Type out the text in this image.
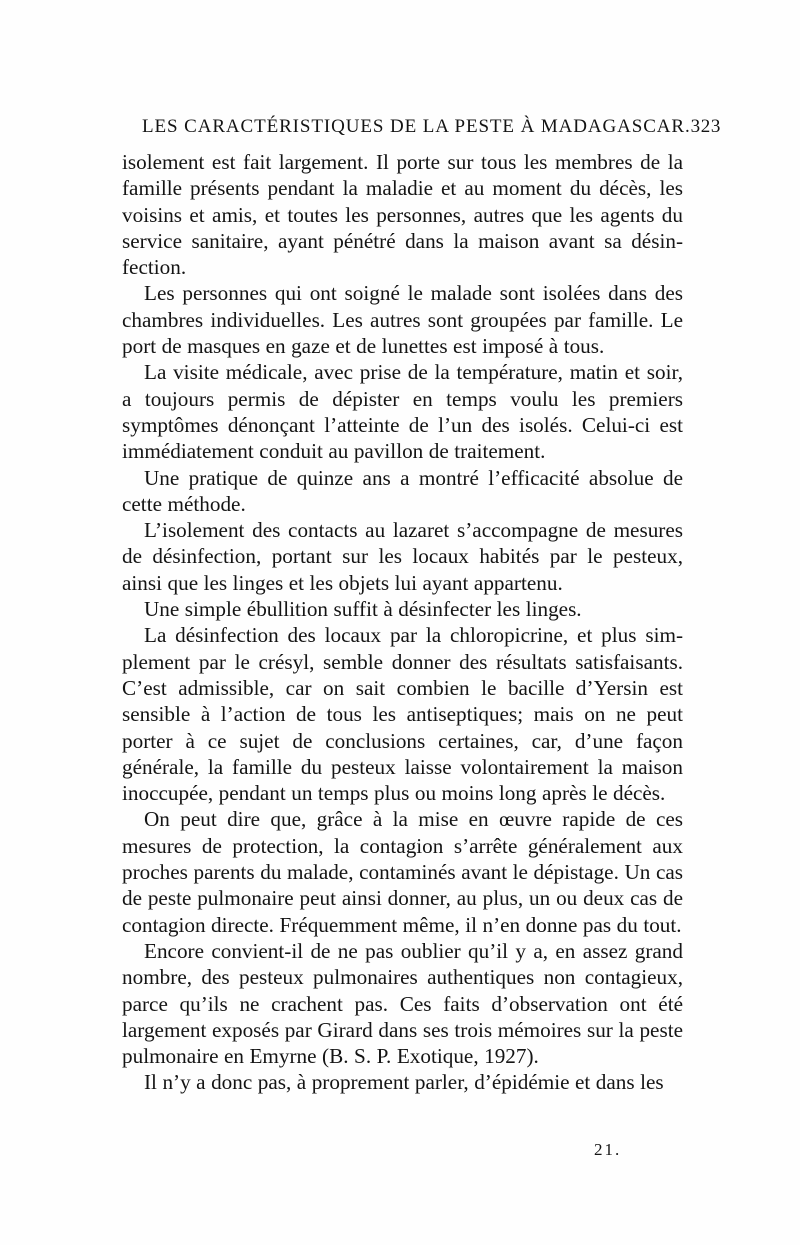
LES CARACTÉRISTIQUES DE LA PESTE À MADAGASCAR. 323

isolement est fait largement. Il porte sur tous les membres de la famille présents pendant la maladie et au moment du décès, les voisins et amis, et toutes les personnes, autres que les agents du service sanitaire, ayant pénétré dans la maison avant sa désinfection.

Les personnes qui ont soigné le malade sont isolées dans des chambres individuelles. Les autres sont groupées par famille. Le port de masques en gaze et de lunettes est imposé à tous.

La visite médicale, avec prise de la température, matin et soir, a toujours permis de dépister en temps voulu les premiers symptômes dénonçant l’atteinte de l’un des isolés. Celui-ci est immédiatement conduit au pavillon de traitement.

Une pratique de quinze ans a montré l’efficacité absolue de cette méthode.

L’isolement des contacts au lazaret s’accompagne de mesures de désinfection, portant sur les locaux habités par le pesteux, ainsi que les linges et les objets lui ayant appartenu.

Une simple ébullition suffit à désinfecter les linges.

La désinfection des locaux par la chloropicrine, et plus simplement par le crésyl, semble donner des résultats satisfaisants. C’est admissible, car on sait combien le bacille d’Yersin est sensible à l’action de tous les antiseptiques; mais on ne peut porter à ce sujet de conclusions certaines, car, d’une façon générale, la famille du pesteux laisse volontairement la maison inoccupée, pendant un temps plus ou moins long après le décès.

On peut dire que, grâce à la mise en œuvre rapide de ces mesures de protection, la contagion s’arrête généralement aux proches parents du malade, contaminés avant le dépistage. Un cas de peste pulmonaire peut ainsi donner, au plus, un ou deux cas de contagion directe. Fréquemment même, il n’en donne pas du tout.

Encore convient-il de ne pas oublier qu’il y a, en assez grand nombre, des pesteux pulmonaires authentiques non contagieux, parce qu’ils ne crachent pas. Ces faits d’observation ont été largement exposés par Girard dans ses trois mémoires sur la peste pulmonaire en Emyrne (B. S. P. Exotique, 1927).

Il n’y a donc pas, à proprement parler, d’épidémie et dans les

21.
